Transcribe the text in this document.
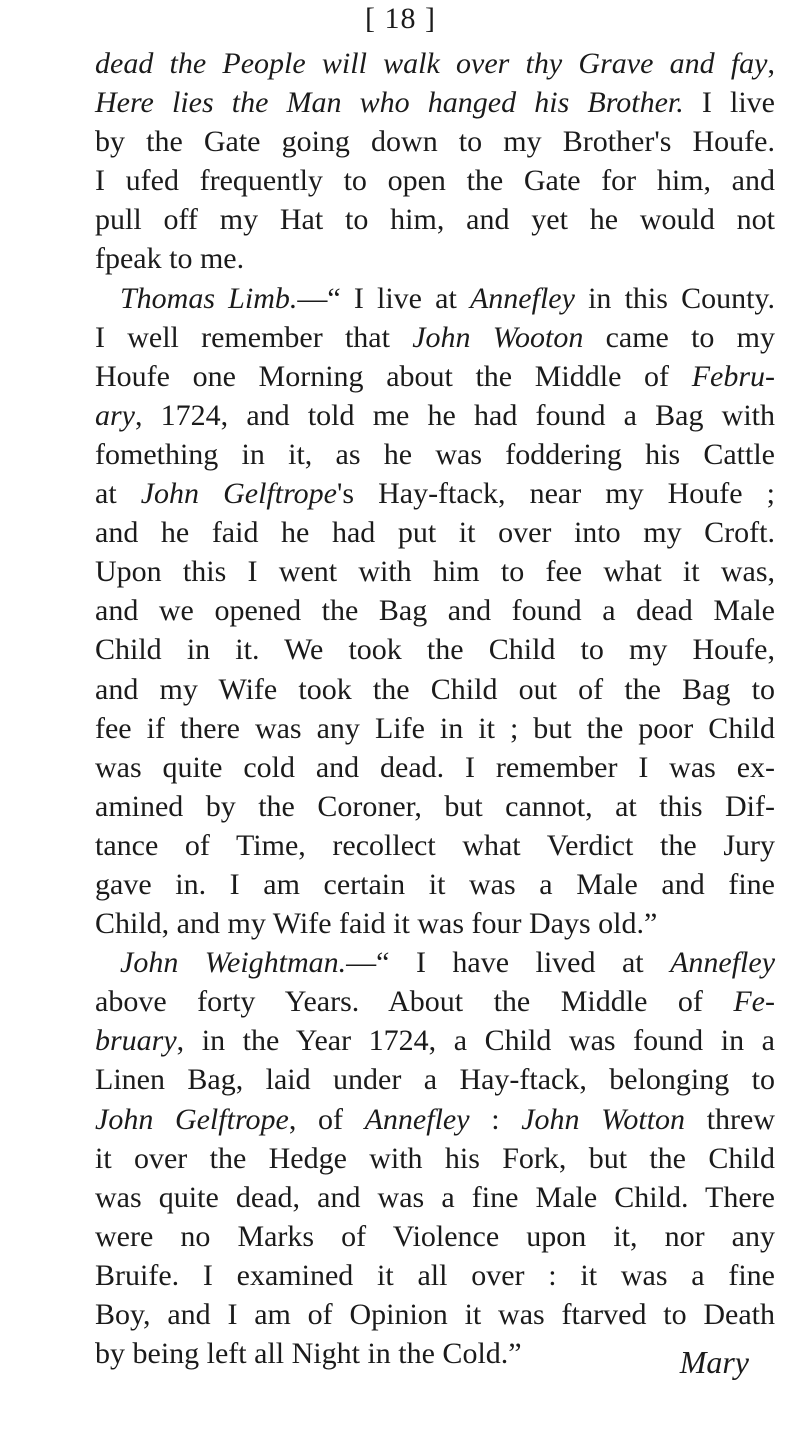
[ 18 ]
dead the People will walk over thy Grave and fay,
Here lies the Man who hanged his Brother. I live
by the Gate going down to my Brother's Houfe.
I ufed frequently to open the Gate for him, and
pull off my Hat to him, and yet he would not
fpeak to me.
Thomas Limb.—“ I live at Annefley in this County.
I well remember that John Wooton came to my
Houfe one Morning about the Middle of Febru-
ary, 1724, and told me he had found a Bag with
fomething in it, as he was foddering his Cattle
at John Gelftrope's Hay-ftack, near my Houfe ;
and he faid he had put it over into my Croft.
Upon this I went with him to fee what it was,
and we opened the Bag and found a dead Male
Child in it. We took the Child to my Houfe,
and my Wife took the Child out of the Bag to
fee if there was any Life in it ; but the poor Child
was quite cold and dead. I remember I was ex-
amined by the Coroner, but cannot, at this Dif-
tance of Time, recollect what Verdict the Jury
gave in. I am certain it was a Male and fine
Child, and my Wife faid it was four Days old.”
John Weightman.—“ I have lived at Annefley
above forty Years. About the Middle of Fe-
bruary, in the Year 1724, a Child was found in a
Linen Bag, laid under a Hay-ftack, belonging to
John Gelftrope, of Annefley : John Wotton threw
it over the Hedge with his Fork, but the Child
was quite dead, and was a fine Male Child. There
were no Marks of Violence upon it, nor any
Bruife. I examined it all over : it was a fine
Boy, and I am of Opinion it was ftarved to Death
by being left all Night in the Cold.”	Mary
